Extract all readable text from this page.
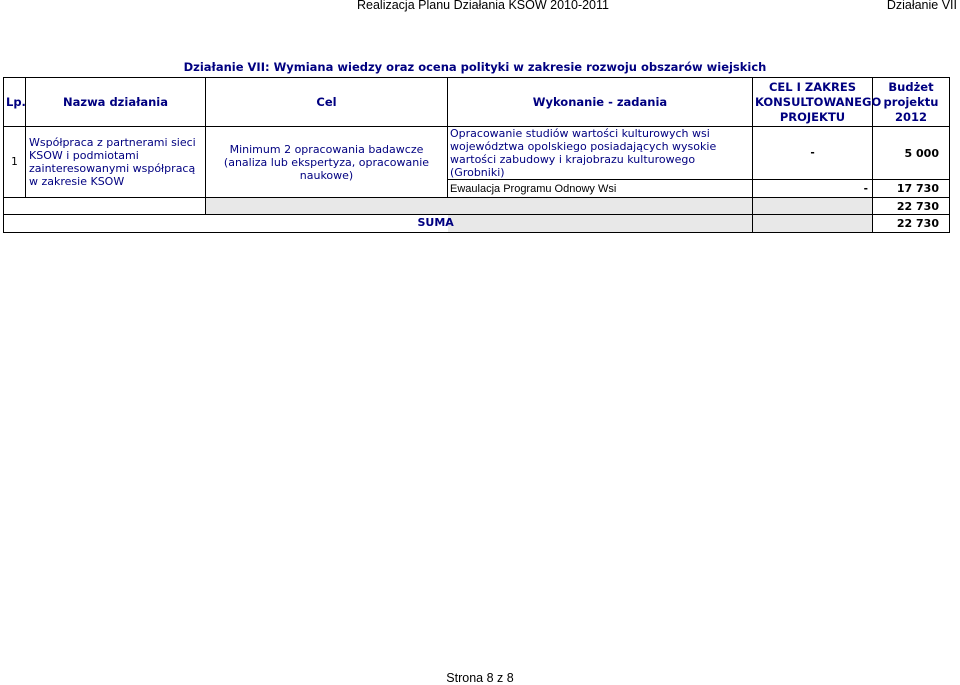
Realizacja Planu Działania KSOW 2010-2011	Działanie VII
Działanie VII: Wymiana wiedzy oraz ocena polityki w zakresie rozwoju obszarów wiejskich
Lp.	Nazwa działania	Cel	Wykonanie - zadania	CEL I ZAKRES KONSULTOWANEGO PROJEKTU	Budżet projektu 2012
1	Współpraca z partnerami sieci KSOW i podmiotami zainteresowanymi współpracą w zakresie KSOW	Minimum 2 opracowania badawcze (analiza lub ekspertyza, opracowanie naukowe)	Opracowanie studiów wartości kulturowych wsi województwa opolskiego posiadających wysokie wartości zabudowy i krajobrazu kulturowego (Grobniki)	-	5 000
			Ewaulacja Programu Odnowy Wsi	-	17 730
					22 730

			SUMA		22 730
Strona 8 z 8
